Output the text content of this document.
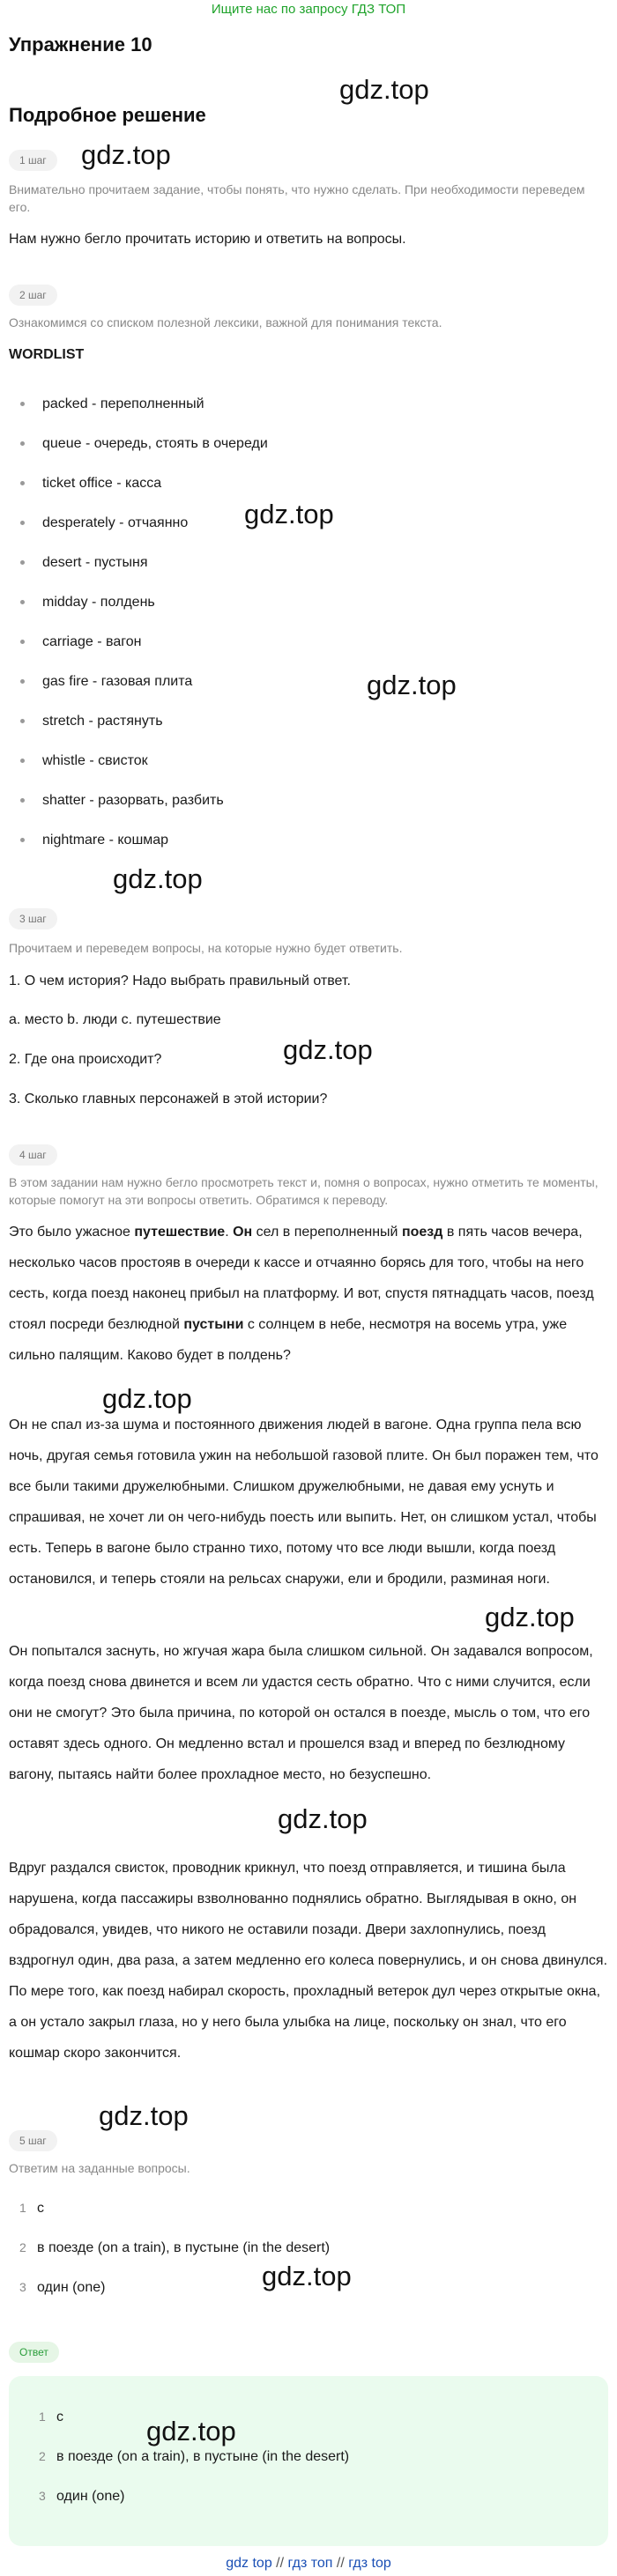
Ищите нас по запросу ГДЗ ТОП
Упражнение 10
gdz.top
Подробное решение
1 шаг	gdz.top
Внимательно прочитаем задание, чтобы понять, что нужно сделать. При необходимости переведем его.
Нам нужно бегло прочитать историю и ответить на вопросы.
2 шаг
Ознакомимся со списком полезной лексики, важной для понимания текста.
WORDLIST
packed - переполненный
queue - очередь, стоять в очереди
ticket office - касса
desperately - отчаянно
desert - пустыня
midday - полдень
carriage - вагон
gas fire - газовая плита
stretch - растянуть
whistle - свисток
shatter - разорвать, разбить
nightmare - кошмар
gdz.top
gdz.top
gdz.top
3 шаг
Прочитаем и переведем вопросы, на которые нужно будет ответить.
1. О чем история? Надо выбрать правильный ответ.
a. место b. люди c. путешествие
gdz.top
2. Где она происходит?
3. Сколько главных персонажей в этой истории?
4 шаг
В этом задании нам нужно бегло просмотреть текст и, помня о вопросах, нужно отметить те моменты, которые помогут на эти вопросы ответить. Обратимся к переводу.
Это было ужасное путешествие. Он сел в переполненный поезд в пять часов вечера, несколько часов простояв в очереди к кассе и отчаянно борясь для того, чтобы на него сесть, когда поезд наконец прибыл на платформу. И вот, спустя пятнадцать часов, поезд стоял посреди безлюдной пустыни с солнцем в небе, несмотря на восемь утра, уже сильно палящим. Каково будет в полдень?
gdz.top
Он не спал из-за шума и постоянного движения людей в вагоне. Одна группа пела всю ночь, другая семья готовила ужин на небольшой газовой плите. Он был поражен тем, что все были такими дружелюбными. Слишком дружелюбными, не давая ему уснуть и спрашивая, не хочет ли он чего-нибудь поесть или выпить. Нет, он слишком устал, чтобы есть. Теперь в вагоне было странно тихо, потому что все люди вышли, когда поезд остановился, и теперь стояли на рельсах снаружи, ели и бродили, разминая ноги.
gdz.top
Он попытался заснуть, но жгучая жара была слишком сильной. Он задавался вопросом, когда поезд снова двинется и всем ли удастся сесть обратно. Что с ними случится, если они не смогут? Это была причина, по которой он остался в поезде, мысль о том, что его оставят здесь одного. Он медленно встал и прошелся взад и вперед по безлюдному вагону, пытаясь найти более прохладное место, но безуспешно.
gdz.top
Вдруг раздался свисток, проводник крикнул, что поезд отправляется, и тишина была нарушена, когда пассажиры взволнованно поднялись обратно. Выглядывая в окно, он обрадовался, увидев, что никого не оставили позади. Двери захлопнулись, поезд вздрогнул один, два раза, а затем медленно его колеса повернулись, и он снова двинулся. По мере того, как поезд набирал скорость, прохладный ветерок дул через открытые окна, а он устало закрыл глаза, но у него была улыбка на лице, поскольку он знал, что его кошмар скоро закончится.
gdz.top
5 шаг
Ответим на заданные вопросы.
1 c
2 в поезде (on a train), в пустыне (in the desert)
3 один (one)	gdz.top
Ответ
1 c
2 в поезде (on a train), в пустыне (in the desert)
3 один (one)
gdz.top
gdz top // гдз топ // гдз top
